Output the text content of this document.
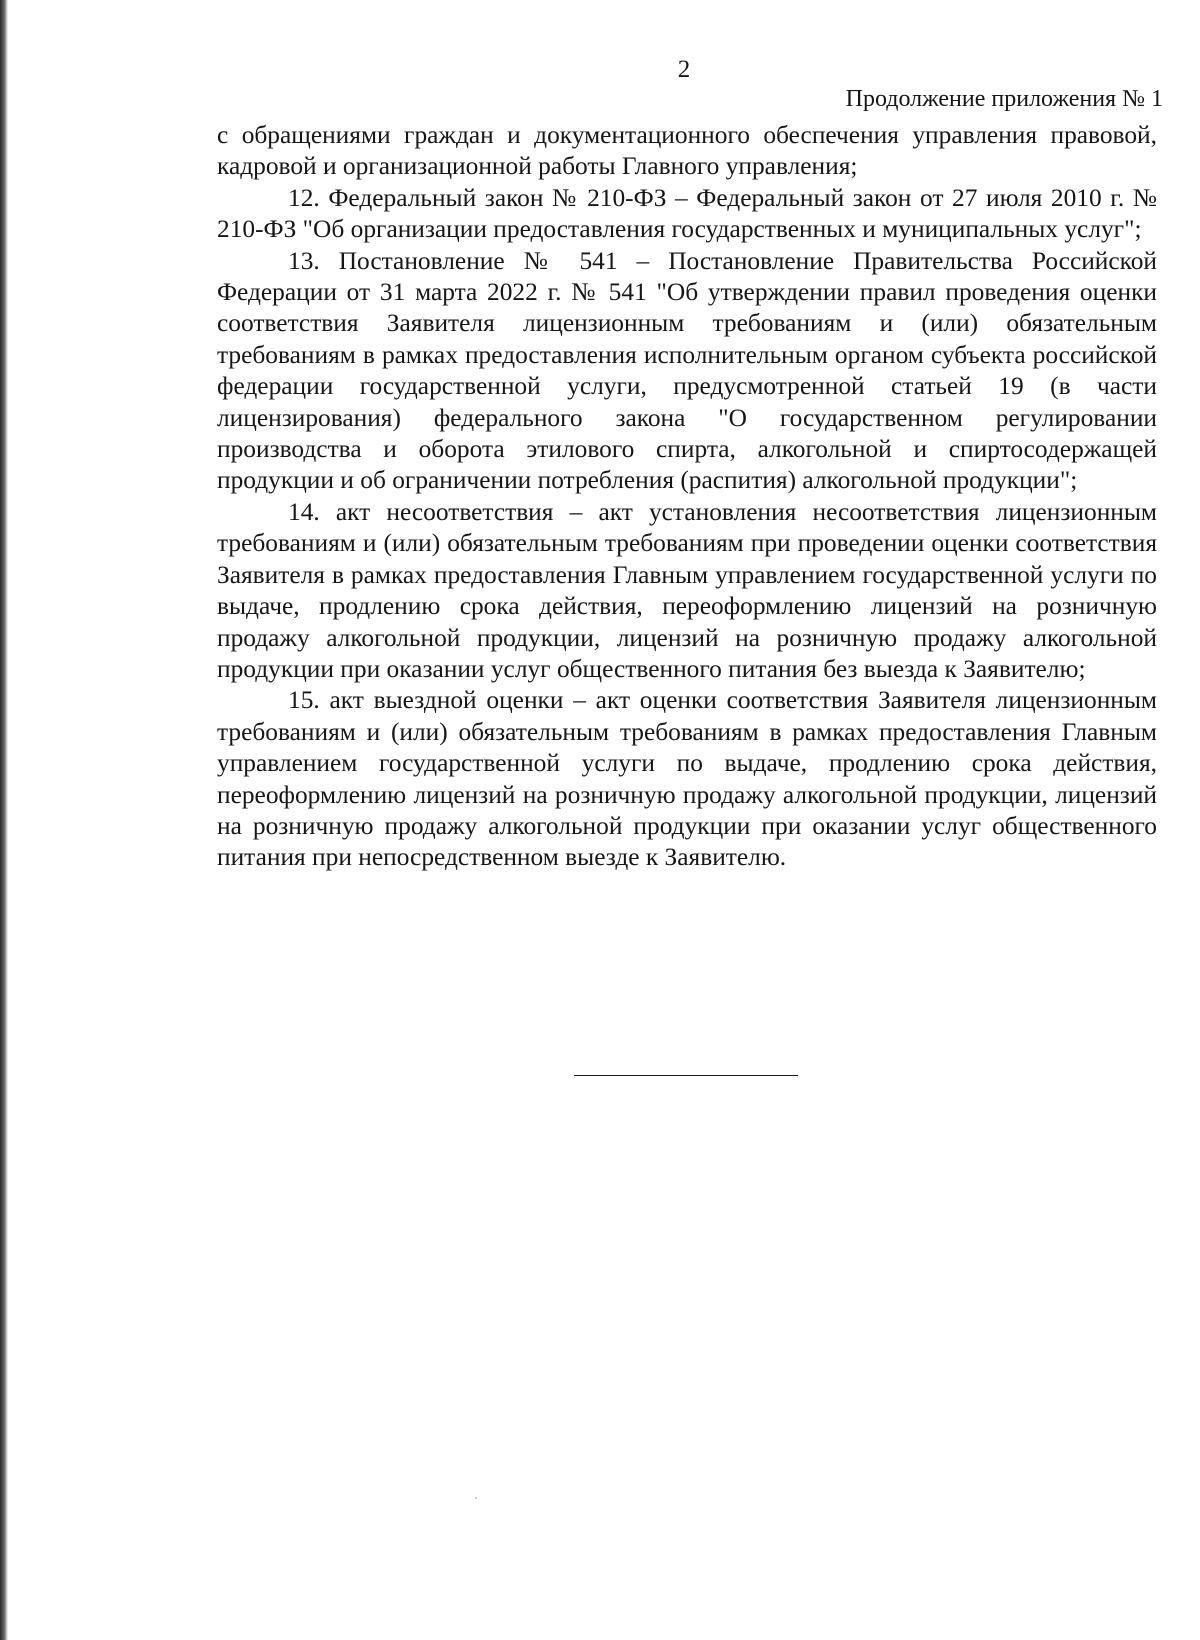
2
Продолжение приложения № 1

с обращениями граждан и документационного обеспечения управления правовой, кадровой и организационной работы Главного управления;

12. Федеральный закон № 210-ФЗ – Федеральный закон от 27 июля 2010 г. № 210-ФЗ "Об организации предоставления государственных и муниципальных услуг";

13. Постановление № 541 – Постановление Правительства Российской Федерации от 31 марта 2022 г. № 541 "Об утверждении правил проведения оценки соответствия Заявителя лицензионным требованиям и (или) обязательным требованиям в рамках предоставления исполнительным органом субъекта российской федерации государственной услуги, предусмотренной статьей 19 (в части лицензирования) федерального закона "О государственном регулировании производства и оборота этилового спирта, алкогольной и спиртосодержащей продукции и об ограничении потребления (распития) алкогольной продукции";

14. акт несоответствия – акт установления несоответствия лицензионным требованиям и (или) обязательным требованиям при проведении оценки соответствия Заявителя в рамках предоставления Главным управлением государственной услуги по выдаче, продлению срока действия, переоформлению лицензий на розничную продажу алкогольной продукции, лицензий на розничную продажу алкогольной продукции при оказании услуг общественного питания без выезда к Заявителю;

15. акт выездной оценки – акт оценки соответствия Заявителя лицензионным требованиям и (или) обязательным требованиям в рамках предоставления Главным управлением государственной услуги по выдаче, продлению срока действия, переоформлению лицензий на розничную продажу алкогольной продукции, лицензий на розничную продажу алкогольной продукции при оказании услуг общественного питания при непосредственном выезде к Заявителю.
